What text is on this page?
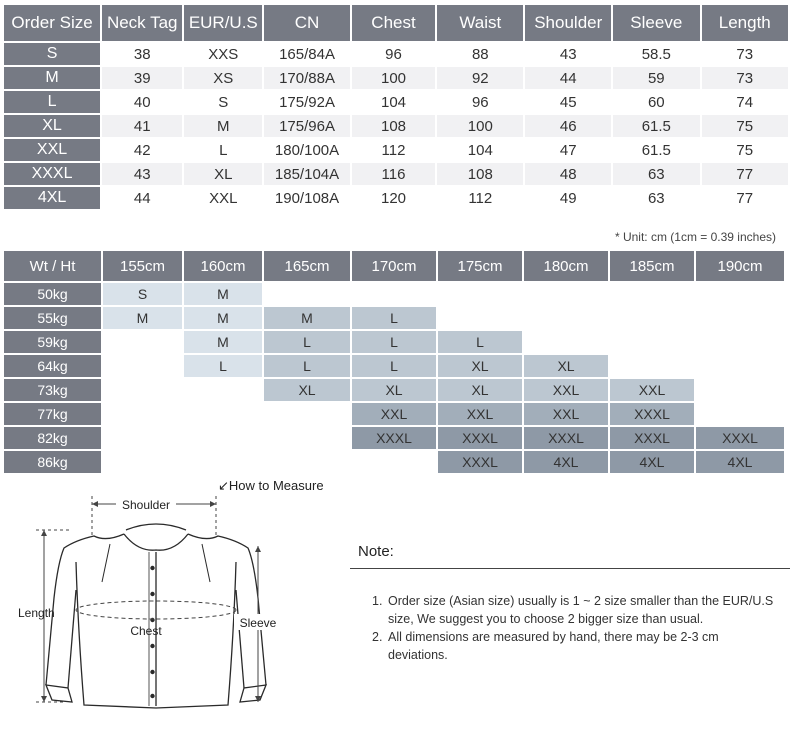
Order Size	Neck Tag	EUR/U.S	CN	Chest	Waist	Shoulder	Sleeve	Length
S	38	XXS	165/84A	96	88	43	58.5	73
M	39	XS	170/88A	100	92	44	59	73
L	40	S	175/92A	104	96	45	60	74
XL	41	M	175/96A	108	100	46	61.5	75
XXL	42	L	180/100A	112	104	47	61.5	75
XXXL	43	XL	185/104A	116	108	48	63	77
4XL	44	XXL	190/108A	120	112	49	63	77
* Unit: cm (1cm = 0.39 inches)
Wt / Ht	155cm	160cm	165cm	170cm	175cm	180cm	185cm	190cm
50kg	S	M						
55kg	M	M	M	L				
59kg		M	L	L	L			
64kg		L	L	L	XL	XL		
73kg			XL	XL	XL	XXL	XXL	
77kg				XXL	XXL	XXL	XXXL	
82kg				XXXL	XXXL	XXXL	XXXL	XXXL
86kg					XXXL	4XL	4XL	4XL
↙How to Measure
Shoulder
Length
Chest
Sleeve
Note:
1. Order size (Asian size) usually is 1 ~ 2 size smaller than the EUR/U.S size, We suggest you to choose 2 bigger size than usual.
2. All dimensions are measured by hand, there may be 2-3 cm deviations.
